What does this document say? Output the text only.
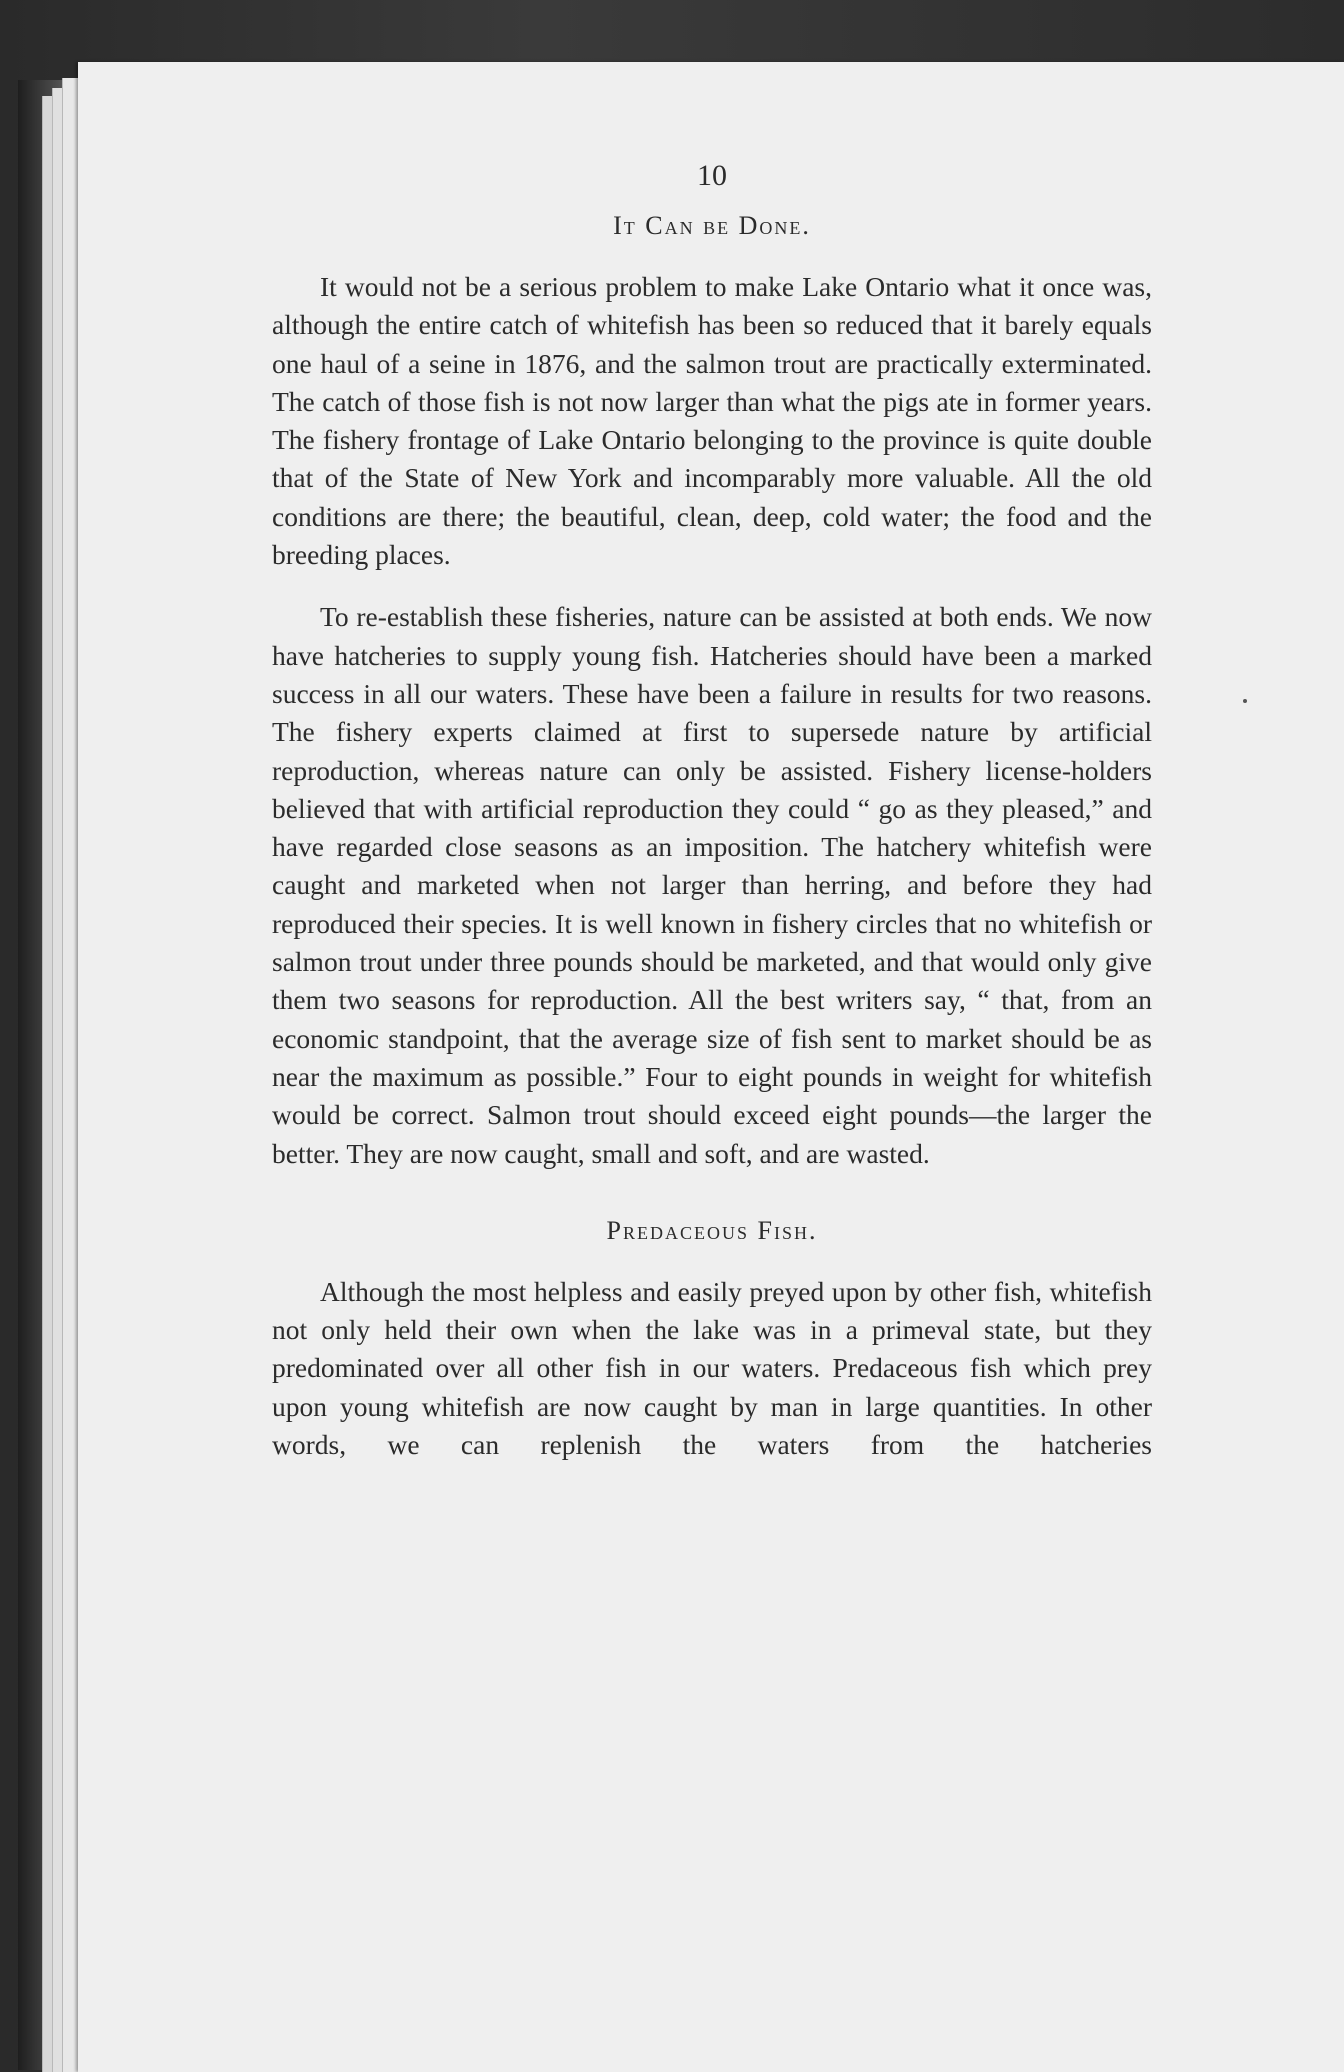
10
It Can be Done.

It would not be a serious problem to make Lake Ontario what it once was, although the entire catch of whitefish has been so reduced that it barely equals one haul of a seine in 1876, and the salmon trout are practically exterminated. The catch of those fish is not now larger than what the pigs ate in former years. The fishery frontage of Lake Ontario belonging to the province is quite double that of the State of New York and incomparably more valuable. All the old conditions are there; the beautiful, clean, deep, cold water; the food and the breeding places.

To re-establish these fisheries, nature can be assisted at both ends. We now have hatcheries to supply young fish. Hatcheries should have been a marked success in all our waters. These have been a failure in results for two reasons. The fishery experts claimed at first to supersede nature by artificial reproduction, whereas nature can only be assisted. Fishery license-holders believed that with artificial reproduction they could “ go as they pleased,” and have regarded close seasons as an imposition. The hatchery whitefish were caught and marketed when not larger than herring, and before they had reproduced their species. It is well known in fishery circles that no whitefish or salmon trout under three pounds should be marketed, and that would only give them two seasons for reproduction. All the best writers say, “ that, from an economic standpoint, that the average size of fish sent to market should be as near the maximum as possible.” Four to eight pounds in weight for whitefish would be correct. Salmon trout should exceed eight pounds—the larger the better. They are now caught, small and soft, and are wasted.

Predaceous Fish.

Although the most helpless and easily preyed upon by other fish, whitefish not only held their own when the lake was in a primeval state, but they predominated over all other fish in our waters. Predaceous fish which prey upon young whitefish are now caught by man in large quantities. In other words, we can replenish the waters from the hatcheries
